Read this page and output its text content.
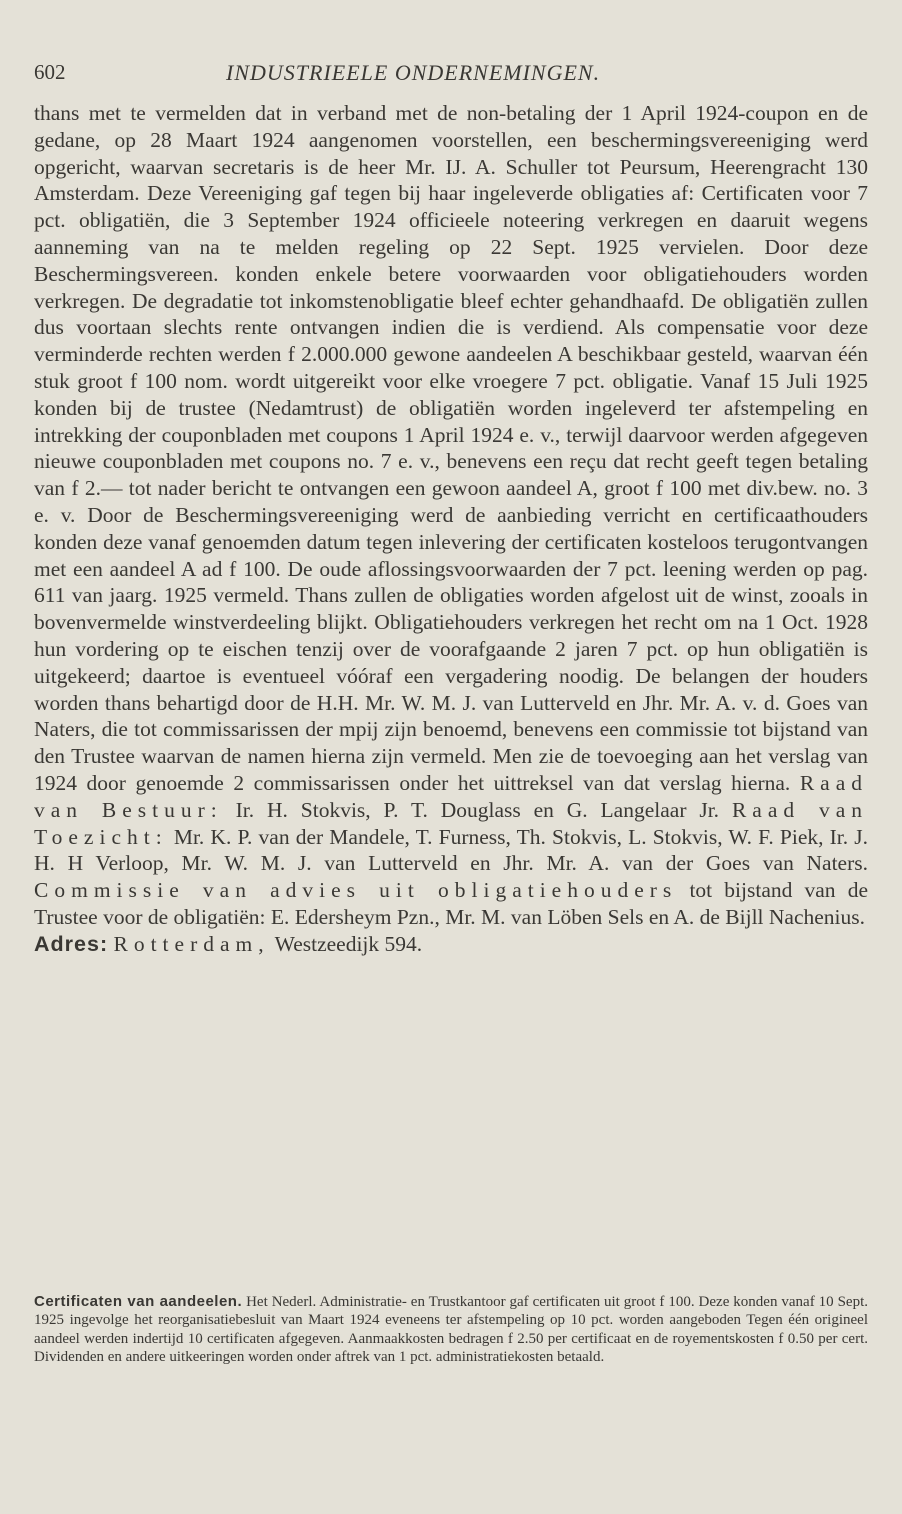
602	INDUSTRIEELE ONDERNEMINGEN.

thans met te vermelden dat in verband met de non-betaling der 1 April 1924-coupon en de gedane, op 28 Maart 1924 aangenomen voorstellen, een beschermingsvereeniging werd opgericht, waarvan secretaris is de heer Mr. IJ. A. Schuller tot Peursum, Heerengracht 130 Amsterdam. Deze Vereeniging gaf tegen bij haar ingeleverde obligaties af: Certificaten voor 7 pct. obligatiën, die 3 September 1924 officieele noteering verkregen en daaruit wegens aanneming van na te melden regeling op 22 Sept. 1925 vervielen. Door deze Beschermingsvereen. konden enkele betere voorwaarden voor obligatiehouders worden verkregen. De degradatie tot inkomstenobligatie bleef echter gehandhaafd. De obligatiën zullen dus voortaan slechts rente ontvangen indien die is verdiend. Als compensatie voor deze verminderde rechten werden f 2.000.000 gewone aandeelen A beschikbaar gesteld, waarvan één stuk groot f 100 nom. wordt uitgereikt voor elke vroegere 7 pct. obligatie. Vanaf 15 Juli 1925 konden bij de trustee (Nedamtrust) de obligatiën worden ingeleverd ter afstempeling en intrekking der couponbladen met coupons 1 April 1924 e. v., terwijl daarvoor werden afgegeven nieuwe couponbladen met coupons no. 7 e. v., benevens een reçu dat recht geeft tegen betaling van f 2.— tot nader bericht te ontvangen een gewoon aandeel A, groot f 100 met div.bew. no. 3 e. v. Door de Beschermingsvereeniging werd de aanbieding verricht en certificaathouders konden deze vanaf genoemden datum tegen inlevering der certificaten kosteloos terugontvangen met een aandeel A ad f 100. De oude aflossingsvoorwaarden der 7 pct. leening werden op pag. 611 van jaarg. 1925 vermeld. Thans zullen de obligaties worden afgelost uit de winst, zooals in bovenvermelde winstverdeeling blijkt. Obligatiehouders verkregen het recht om na 1 Oct. 1928 hun vordering op te eischen tenzij over de voorafgaande 2 jaren 7 pct. op hun obligatiën is uitgekeerd; daartoe is eventueel vóóraf een vergadering noodig. De belangen der houders worden thans behartigd door de H.H. Mr. W. M. J. van Lutterveld en Jhr. Mr. A. v. d. Goes van Naters, die tot commissarissen der mpij zijn benoemd, benevens een commissie tot bijstand van den Trustee waarvan de namen hierna zijn vermeld. Men zie de toevoeging aan het verslag van 1924 door genoemde 2 commissarissen onder het uittreksel van dat verslag hierna. Raad van Bestuur: Ir. H. Stokvis, P. T. Douglass en G. Langelaar Jr. Raad van Toezicht: Mr. K. P. van der Mandele, T. Furness, Th. Stokvis, L. Stokvis, W. F. Piek, Ir. J. H. H Verloop, Mr. W. M. J. van Lutterveld en Jhr. Mr. A. van der Goes van Naters. Commissie van advies uit obligatiehouders tot bijstand van de Trustee voor de obligatiën: E. Edersheym Pzn., Mr. M. van Löben Sels en A. de Bijll Nachenius.

Adres: Rotterdam, Westzeedijk 594.

Certificaten van aandeelen. Het Nederl. Administratie- en Trustkantoor gaf certificaten uit groot f 100. Deze konden vanaf 10 Sept. 1925 ingevolge het reorganisatiebesluit van Maart 1924 eveneens ter afstempeling op 10 pct. worden aangeboden Tegen één origineel aandeel werden indertijd 10 certificaten afgegeven. Aanmaakkosten bedragen f 2.50 per certificaat en de royementskosten f 0.50 per cert. Dividenden en andere uitkeeringen worden onder aftrek van 1 pct. administratiekosten betaald.
